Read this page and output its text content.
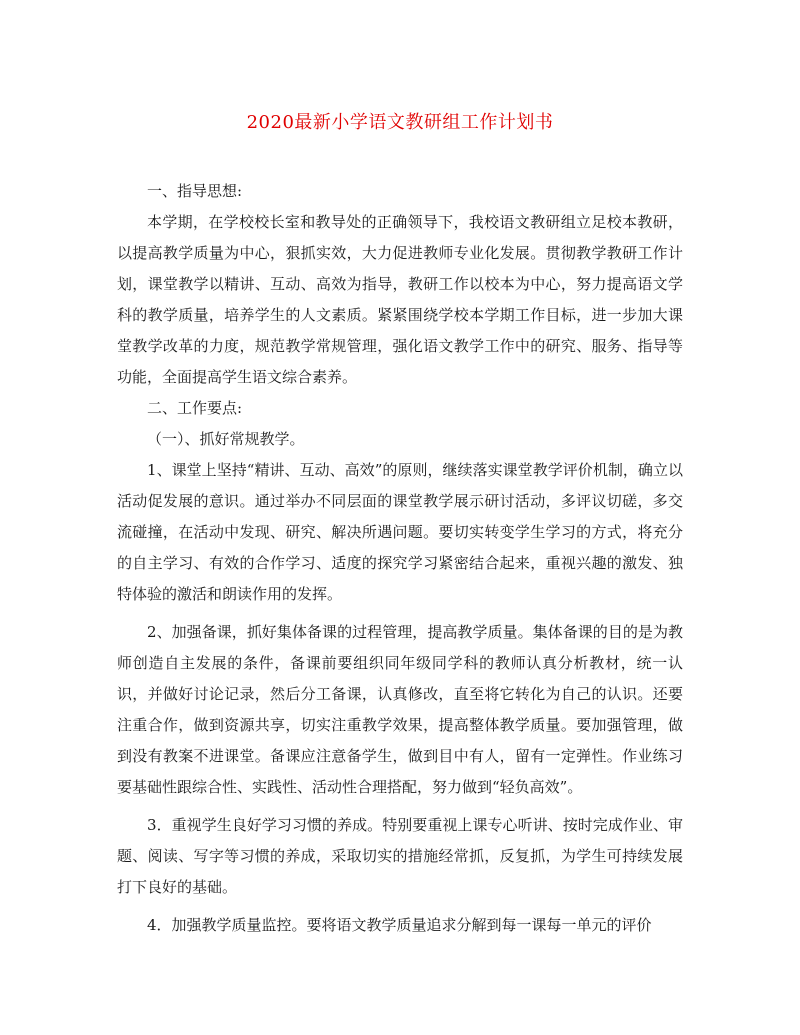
2020最新小学语文教研组工作计划书

一、指导思想:

本学期，在学校校长室和教导处的正确领导下，我校语文教研组立足校本教研，以提高教学质量为中心，狠抓实效，大力促进教师专业化发展。贯彻教学教研工作计划，课堂教学以精讲、互动、高效为指导，教研工作以校本为中心，努力提高语文学科的教学质量，培养学生的人文素质。紧紧围绕学校本学期工作目标，进一步加大课堂教学改革的力度，规范教学常规管理，强化语文教学工作中的研究、服务、指导等功能，全面提高学生语文综合素养。

二、工作要点:

（一）、抓好常规教学。

1、课堂上坚持“精讲、互动、高效”的原则，继续落实课堂教学评价机制，确立以活动促发展的意识。通过举办不同层面的课堂教学展示研讨活动，多评议切磋，多交流碰撞，在活动中发现、研究、解决所遇问题。要切实转变学生学习的方式，将充分的自主学习、有效的合作学习、适度的探究学习紧密结合起来，重视兴趣的激发、独特体验的激活和朗读作用的发挥。

2、加强备课，抓好集体备课的过程管理，提高教学质量。集体备课的目的是为教师创造自主发展的条件，备课前要组织同年级同学科的教师认真分析教材，统一认识，并做好讨论记录，然后分工备课，认真修改，直至将它转化为自己的认识。还要注重合作，做到资源共享，切实注重教学效果，提高整体教学质量。要加强管理，做到没有教案不进课堂。备课应注意备学生，做到目中有人，留有一定弹性。作业练习要基础性跟综合性、实践性、活动性合理搭配，努力做到“轻负高效”。

3．重视学生良好学习习惯的养成。特别要重视上课专心听讲、按时完成作业、审题、阅读、写字等习惯的养成，采取切实的措施经常抓，反复抓，为学生可持续发展打下良好的基础。

4．加强教学质量监控。要将语文教学质量追求分解到每一课每一单元的评价
